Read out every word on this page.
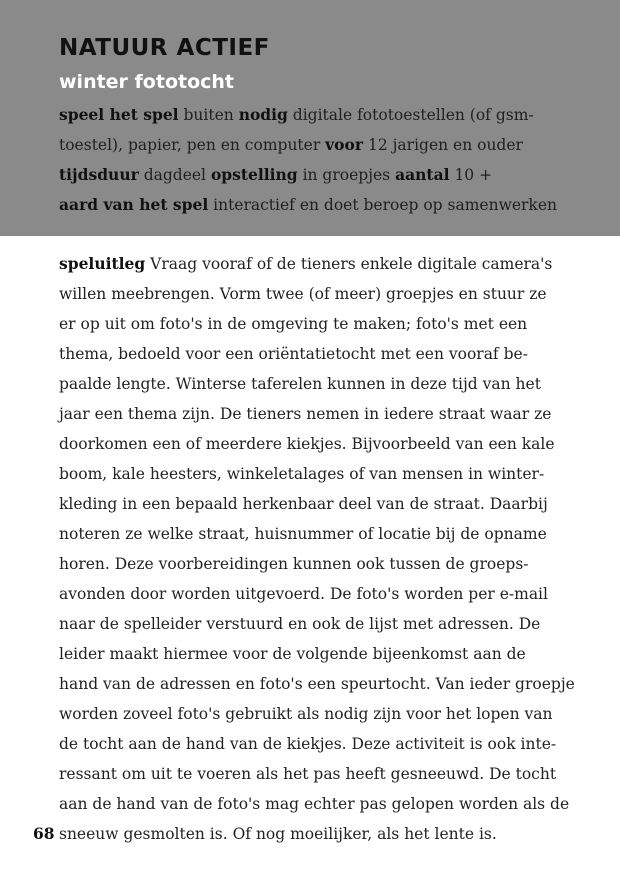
NATUUR ACTIEF
winter fototocht
speel het spel buiten nodig digitale fototoestellen (of gsm-
toestel), papier, pen en computer voor 12 jarigen en ouder
tijdsduur dagdeel opstelling in groepjes aantal 10 +
aard van het spel interactief en doet beroep op samenwerken
speluitleg Vraag vooraf of de tieners enkele digitale camera's
willen meebrengen. Vorm twee (of meer) groepjes en stuur ze
er op uit om foto's in de omgeving te maken; foto's met een
thema, bedoeld voor een oriëntatietocht met een vooraf be-
paalde lengte. Winterse taferelen kunnen in deze tijd van het
jaar een thema zijn. De tieners nemen in iedere straat waar ze
doorkomen een of meerdere kiekjes. Bijvoorbeeld van een kale
boom, kale heesters, winkeletalages of van mensen in winter-
kleding in een bepaald herkenbaar deel van de straat. Daarbij
noteren ze welke straat, huisnummer of locatie bij de opname
horen. Deze voorbereidingen kunnen ook tussen de groeps-
avonden door worden uitgevoerd. De foto's worden per e-mail
naar de spelleider verstuurd en ook de lijst met adressen. De
leider maakt hiermee voor de volgende bijeenkomst aan de
hand van de adressen en foto's een speurtocht. Van ieder groepje
worden zoveel foto's gebruikt als nodig zijn voor het lopen van
de tocht aan de hand van de kiekjes. Deze activiteit is ook inte-
ressant om uit te voeren als het pas heeft gesneeuwd. De tocht
aan de hand van de foto's mag echter pas gelopen worden als de
sneeuw gesmolten is. Of nog moeilijker, als het lente is.
68
